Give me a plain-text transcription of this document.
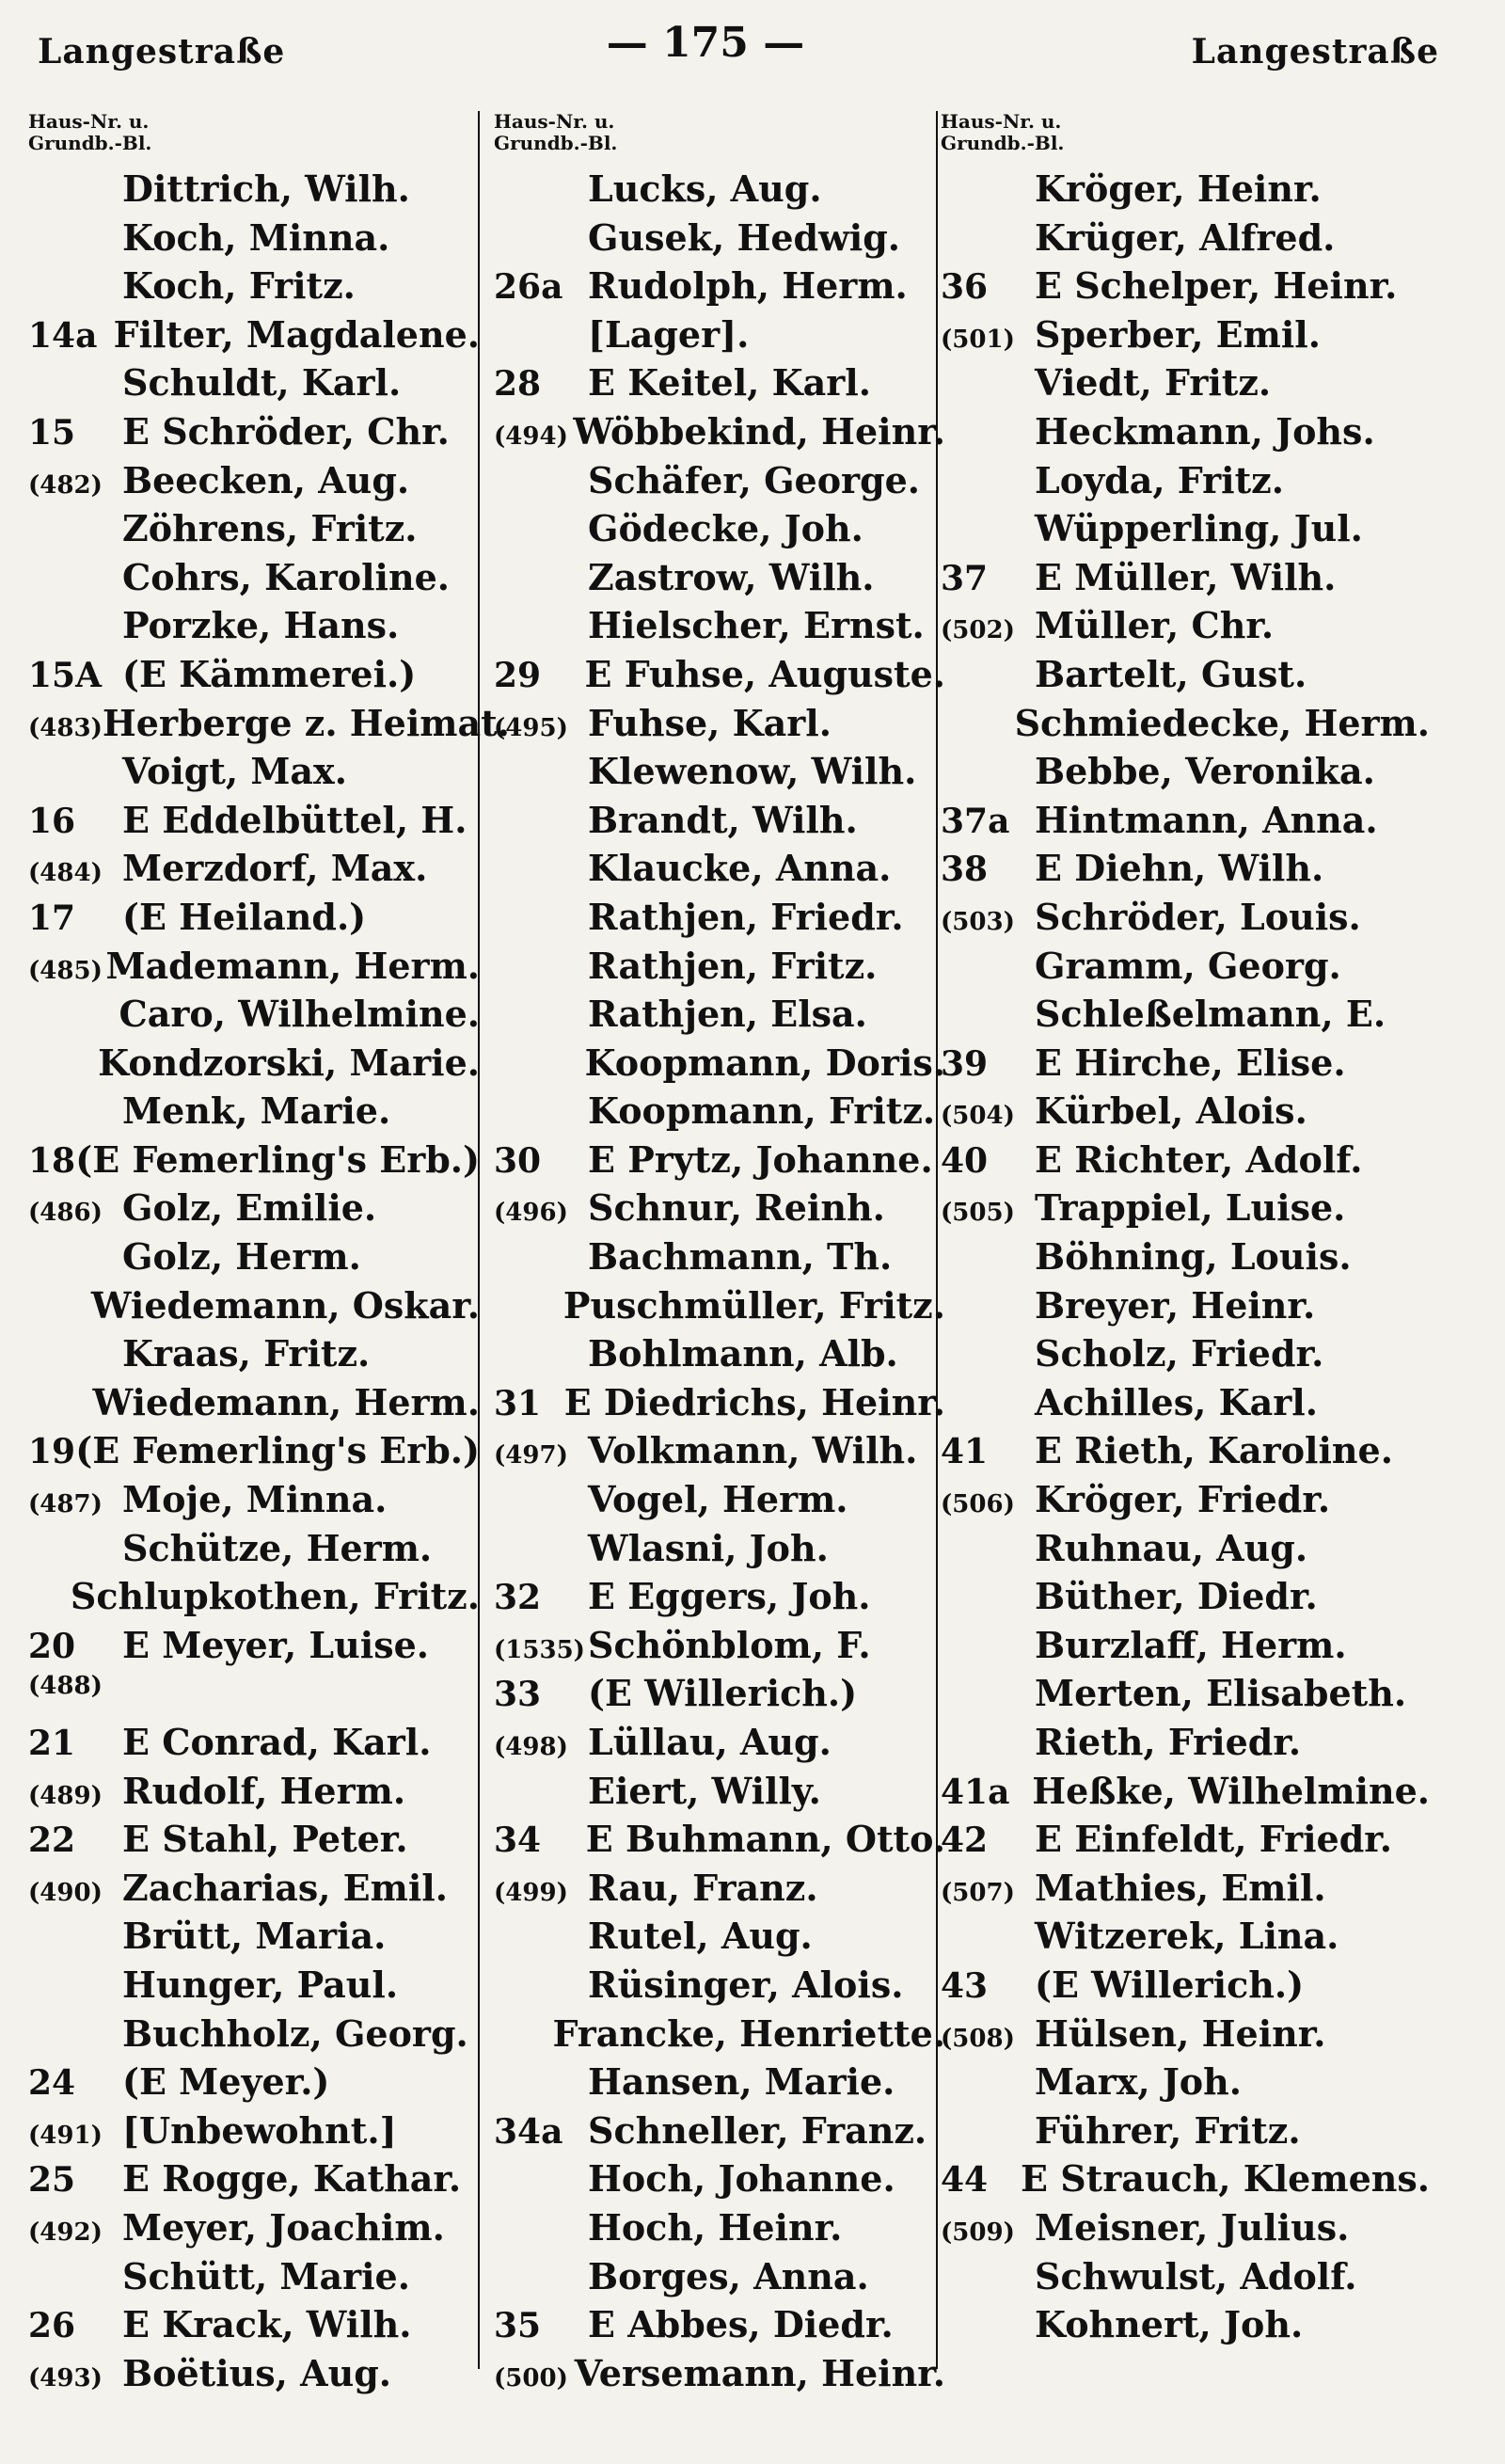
Langestraße	— 175 —	Langestraße
Haus-Nr. u.
Grundb.-Bl.
Dittrich, Wilh.
Koch, Minna.
Koch, Fritz.
14a Filter, Magdalene.
Schuldt, Karl.
15	E Schröder, Chr.
(482) Beecken, Aug.
Zöhrens, Fritz.
Cohrs, Karoline.
Porzke, Hans.
15A (E Kämmerei.)
(483) Herberge z. Heimat.
Voigt, Max.
16	E Eddelbüttel, H.
(484) Merzdorf, Max.
17	(E Heiland.)
(485) Mademann, Herm.
Caro, Wilhelmine.
Kondzorski, Marie.
Menk, Marie.
18 (E Femerling's Erb.)
(486) Golz, Emilie.
Golz, Herm.
Wiedemann, Oskar.
Kraas, Fritz.
Wiedemann, Herm.
19 (E Femerling's Erb.)
(487) Moje, Minna.
Schütze, Herm.
Schlupkothen, Fritz.
20	E Meyer, Luise.
(488)
21	E Conrad, Karl.
(489) Rudolf, Herm.
22	E Stahl, Peter.
(490) Zacharias, Emil.
Brütt, Maria.
Hunger, Paul.
Buchholz, Georg.
24	(E Meyer.)
(491) [Unbewohnt.]
25	E Rogge, Kathar.
(492) Meyer, Joachim.
Schütt, Marie.
26	E Krack, Wilh.
(493) Boëtius, Aug.
Haus-Nr. u.
Grundb.-Bl.
Lucks, Aug.
Gusek, Hedwig.
26a Rudolph, Herm.
[Lager].
28	E Keitel, Karl.
(494) Wöbbekind, Heinr.
Schäfer, George.
Gödecke, Joh.
Zastrow, Wilh.
Hielscher, Ernst.
29	E Fuhse, Auguste.
(495) Fuhse, Karl.
Klewenow, Wilh.
Brandt, Wilh.
Klaucke, Anna.
Rathjen, Friedr.
Rathjen, Fritz.
Rathjen, Elsa.
Koopmann, Doris.
Koopmann, Fritz.
30	E Prytz, Johanne.
(496) Schnur, Reinh.
Bachmann, Th.
Puschmüller, Fritz.
Bohlmann, Alb.
31 E Diedrichs, Heinr.
(497) Volkmann, Wilh.
Vogel, Herm.
Wlasni, Joh.
32	E Eggers, Joh.
(1535) Schönblom, F.
33	(E Willerich.)
(498) Lüllau, Aug.
Eiert, Willy.
34	E Buhmann, Otto.
(499) Rau, Franz.
Rutel, Aug.
Rüsinger, Alois.
Francke, Henriette.
Hansen, Marie.
34a Schneller, Franz.
Hoch, Johanne.
Hoch, Heinr.
Borges, Anna.
35	E Abbes, Diedr.
(500) Versemann, Heinr.
Haus-Nr. u.
Grundb.-Bl.
Kröger, Heinr.
Krüger, Alfred.
36	E Schelper, Heinr.
(501) Sperber, Emil.
Viedt, Fritz.
Heckmann, Johs.
Loyda, Fritz.
Wüpperling, Jul.
37	E Müller, Wilh.
(502) Müller, Chr.
Bartelt, Gust.
Schmiedecke, Herm.
Bebbe, Veronika.
37a Hintmann, Anna.
38	E Diehn, Wilh.
(503) Schröder, Louis.
Gramm, Georg.
Schleßelmann, E.
39	E Hirche, Elise.
(504) Kürbel, Alois.
40	E Richter, Adolf.
(505) Trappiel, Luise.
Böhning, Louis.
Breyer, Heinr.
Scholz, Friedr.
Achilles, Karl.
41	E Rieth, Karoline.
(506) Kröger, Friedr.
Ruhnau, Aug.
Büther, Diedr.
Burzlaff, Herm.
Merten, Elisabeth.
Rieth, Friedr.
41a Heßke, Wilhelmine.
42	E Einfeldt, Friedr.
(507) Mathies, Emil.
Witzerek, Lina.
43	(E Willerich.)
(508) Hülsen, Heinr.
Marx, Joh.
Führer, Fritz.
44 E Strauch, Klemens.
(509) Meisner, Julius.
Schwulst, Adolf.
Kohnert, Joh.
